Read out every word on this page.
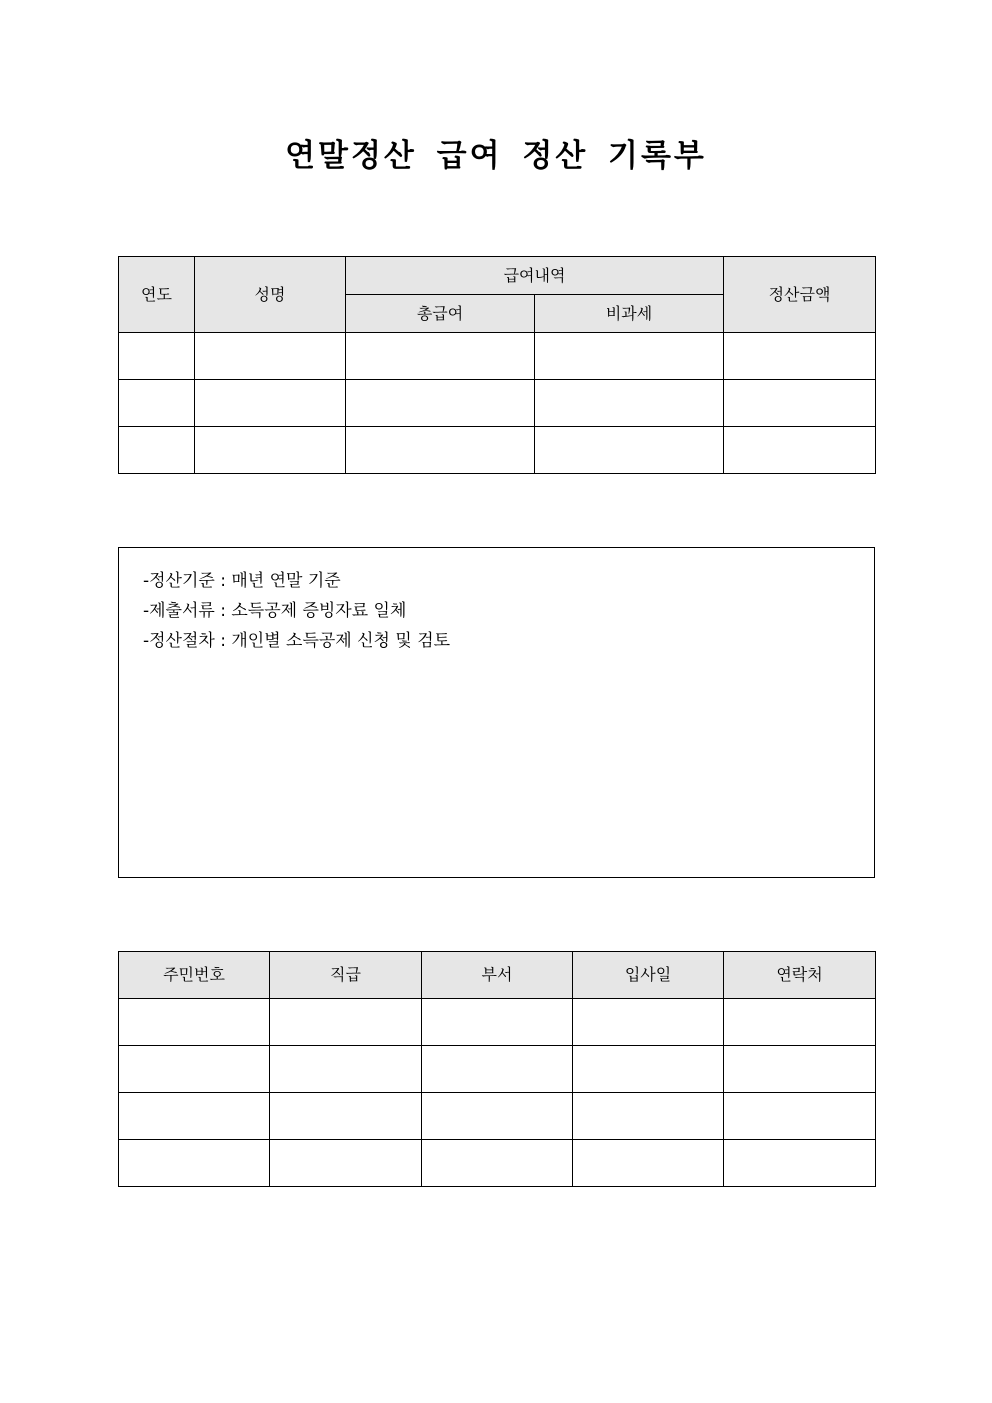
연말정산 급여 정산 기록부
연도	성명	급여내역		정산금액
		총급여	비과세	

-정산기준 : 매년 연말 기준
-제출서류 : 소득공제 증빙자료 일체
-정산절차 : 개인별 소득공제 신청 및 검토
주민번호	직급	부서	입사일	연락처
